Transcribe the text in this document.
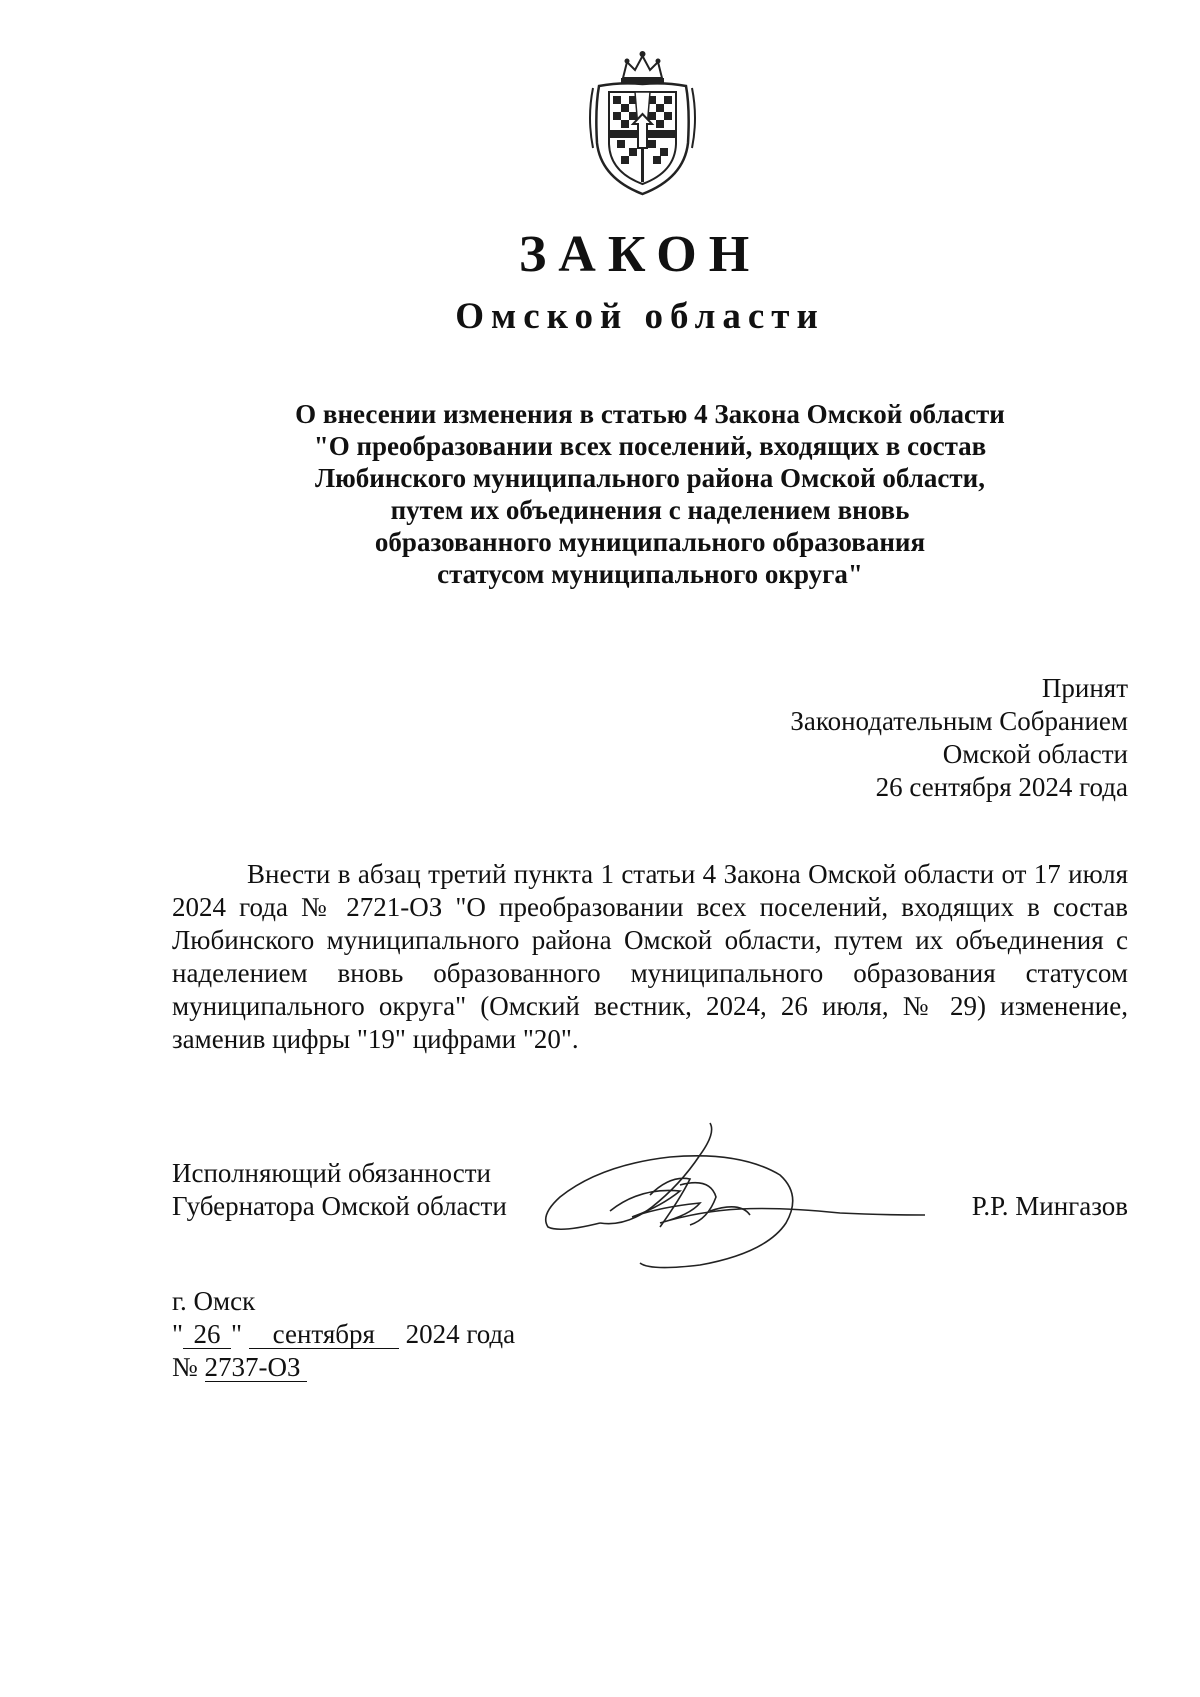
ЗАКОН
Омской области
О внесении изменения в статью 4 Закона Омской области
"О преобразовании всех поселений, входящих в состав
Любинского муниципального района Омской области,
путем их объединения с наделением вновь
образованного муниципального образования
статусом муниципального округа"
Принят
Законодательным Собранием
Омской области
26 сентября 2024 года

Внести в абзац третий пункта 1 статьи 4 Закона Омской области от 17 июля 2024 года № 2721-ОЗ "О преобразовании всех поселений, входящих в состав Любинского муниципального района Омской области, путем их объединения с наделением вновь образованного муниципального образования статусом муниципального округа" (Омский вестник, 2024, 26 июля, № 29) изменение, заменив цифры "19" цифрами "20".

Исполняющий обязанности
Губернатора Омской области	Р.Р. Мингазов
г. Омск
" 26 " сентября 2024 года
№ 2737-ОЗ
